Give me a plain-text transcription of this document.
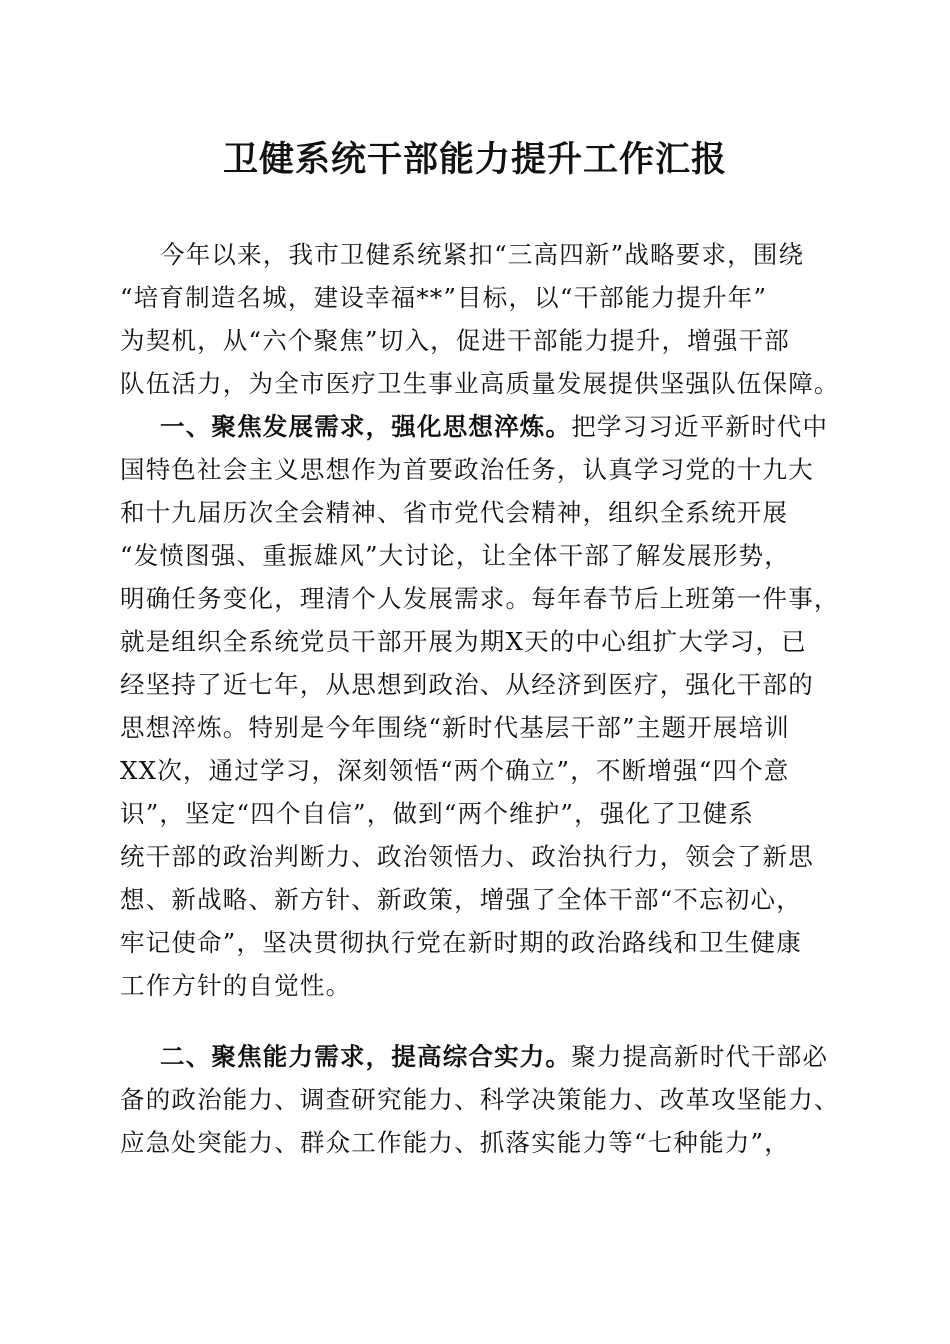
卫健系统干部能力提升工作汇报
今年以来，我市卫健系统紧扣“三高四新”战略要求，围绕
“培育制造名城，建设幸福**”目标，以“干部能力提升年”
为契机，从“六个聚焦”切入，促进干部能力提升，增强干部
队伍活力，为全市医疗卫生事业高质量发展提供坚强队伍保障。
一、聚焦发展需求，强化思想淬炼。把学习习近平新时代中
国特色社会主义思想作为首要政治任务，认真学习党的十九大
和十九届历次全会精神、省市党代会精神，组织全系统开展
“发愤图强、重振雄风”大讨论，让全体干部了解发展形势，
明确任务变化，理清个人发展需求。每年春节后上班第一件事，
就是组织全系统党员干部开展为期X天的中心组扩大学习，已
经坚持了近七年，从思想到政治、从经济到医疗，强化干部的
思想淬炼。特别是今年围绕“新时代基层干部”主题开展培训
XX次，通过学习，深刻领悟“两个确立”，不断增强“四个意
识”，坚定“四个自信”，做到“两个维护”，强化了卫健系
统干部的政治判断力、政治领悟力、政治执行力，领会了新思
想、新战略、新方针、新政策，增强了全体干部“不忘初心，
牢记使命”，坚决贯彻执行党在新时期的政治路线和卫生健康
工作方针的自觉性。
二、聚焦能力需求，提高综合实力。聚力提高新时代干部必
备的政治能力、调查研究能力、科学决策能力、改革攻坚能力、
应急处突能力、群众工作能力、抓落实能力等“七种能力”，
